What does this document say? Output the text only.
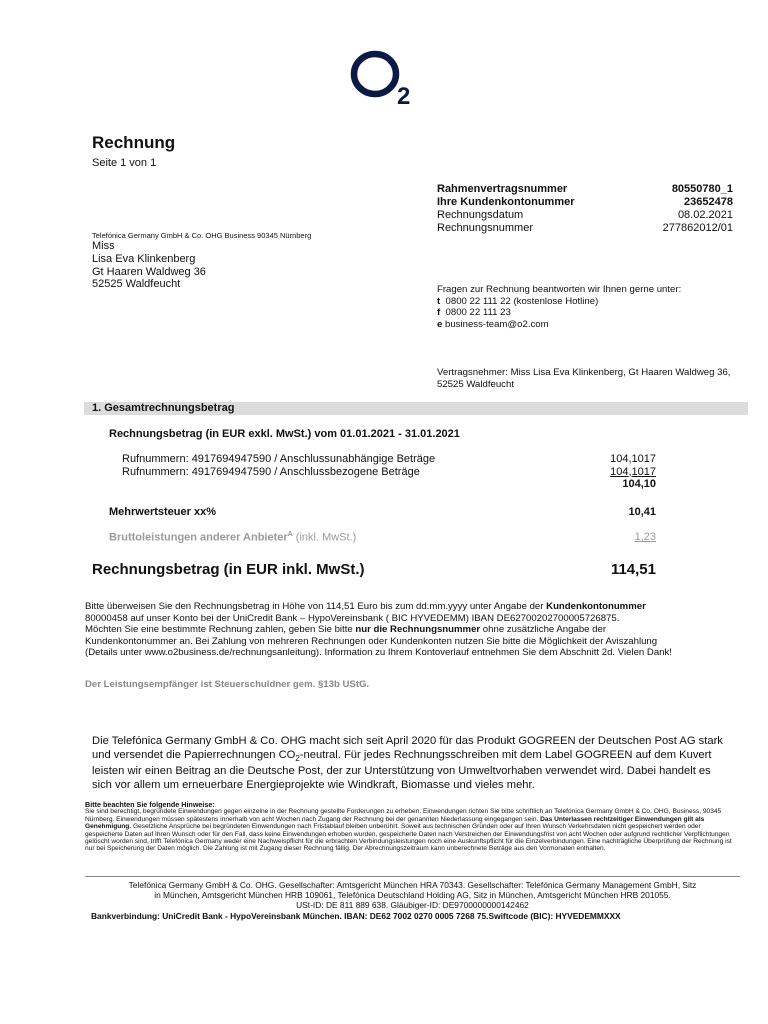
2
Rechnung
Seite 1 von 1
Rahmenvertragsnummer	80550780_1
Ihre Kundenkontonummer	23652478
Rechnungsdatum	08.02.2021
Rechnungsnummer	277862012/01
Telefónica Germany GmbH & Co. OHG Business 90345 Nürnberg
Miss
Lisa Eva Klinkenberg
Gt Haaren Waldweg 36
52525 Waldfeucht	Fragen zur Rechnung beantworten wir Ihnen gerne unter:
t 0800 22 111 22 (kostenlose Hotline)
f 0800 22 111 23
e business-team@o2.com
Vertragsnehmer: Miss Lisa Eva Klinkenberg, Gt Haaren Waldweg 36,
52525 Waldfeucht
1. Gesamtrechnungsbetrag
Rechnungsbetrag (in EUR exkl. MwSt.) vom 01.01.2021 - 31.01.2021
Rufnummern: 4917694947590 / Anschlussunabhängige Beträge	104,1017
Rufnummern: 4917694947590 / Anschlussbezogene Beträge	104,1017
104,10
Mehrwertsteuer xx%	10,41
Bruttoleistungen anderer Anbieter$^A$ (inkl. MwSt.)	1,23
Rechnungsbetrag (in EUR inkl. MwSt.)	114,51
Bitte überweisen Sie den Rechnungsbetrag in Höhe von 114,51 Euro bis zum dd.mm.yyyy unter Angabe der Kundenkontonummer
80000458 auf unser Konto bei der UniCredit Bank – HypoVereinsbank ( BIC HYVEDEMM) IBAN DE62700202700005726875.
Möchten Sie eine bestimmte Rechnung zahlen, geben Sie bitte nur die Rechnungsnummer ohne zusätzliche Angabe der
Kundenkontonummer an. Bei Zahlung von mehreren Rechnungen oder Kundenkonten nutzen Sie bitte die Möglichkeit der Aviszahlung
(Details unter www.o2business.de/rechnungsanleitung). Information zu Ihrem Kontoverlauf entnehmen Sie dem Abschnitt 2d. Vielen Dank!
Der Leistungsempfänger ist Steuerschuldner gem. §13b UStG.
Die Telefónica Germany GmbH & Co. OHG macht sich seit April 2020 für das Produkt GOGREEN der Deutschen Post AG stark und versendet die Papierrechnungen $CO_2$-neutral. Für jedes Rechnungsschreiben mit dem Label GOGREEN auf dem Kuvert leisten wir einen Beitrag an die Deutsche Post, der zur Unterstützung von Umweltvorhaben verwendet wird. Dabei handelt es sich vor allem um erneuerbare Energieprojekte wie Windkraft, Biomasse und vieles mehr.
Bitte beachten Sie folgende Hinweise:
Sie sind berechtigt, begründete Einwendungen gegen einzelne in der Rechnung gestellte Forderungen zu erheben. Einwendungen richten Sie bitte schriftlich an Telefónica Germany GmbH & Co. OHG, Business, 90345 Nürnberg. Einwendungen müssen spätestens innerhalb von acht Wochen nach Zugang der Rechnung bei der genannten Niederlassung eingegangen sein. Das Unterlassen rechtzeitiger Einwendungen gilt als Genehmigung. Gesetzliche Ansprüche bei begründeten Einwendungen nach Fristablauf bleiben unberührt. Soweit aus technischen Gründen oder auf Ihren Wunsch Verkehrsdaten nicht gespeichert werden oder gespeicherte Daten auf Ihren Wunsch oder für den Fall, dass keine Einwendungen erhoben wurden, gespeicherte Daten nach Verstreichen der Einwendungsfrist von acht Wochen oder aufgrund rechtlicher Verpflichtungen gelöscht worden sind, trifft Telefónica Germany weder eine Nachweispflicht für die erbrachten Verbindungsleistungen noch eine Auskunftspflicht für die Einzelverbindungen. Eine nachträgliche Überprüfung der Rechnung ist nur bei Speicherung der Daten möglich. Die Zahlung ist mit Zugang dieser Rechnung fällig. Der Abrechnungszeitraum kann unberechnete Beträge aus den Vormonaten enthalten.
Telefónica Germany GmbH & Co. OHG. Gesellschafter: Amtsgericht München HRA 70343. Gesellschafter: Telefónica Germany Management GmbH, Sitz
in München, Amtsgericht München HRB 109061, Telefónica Deutschland Holding AG, Sitz in München, Amtsgericht München HRB 201055.
USt-ID: DE 811 889 638. Gläubiger-ID: DE9700000000142462
Bankverbindung: UniCredit Bank - HypoVereinsbank München. IBAN: DE62 7002 0270 0005 7268 75.Swiftcode (BIC): HYVEDEMMXXX
